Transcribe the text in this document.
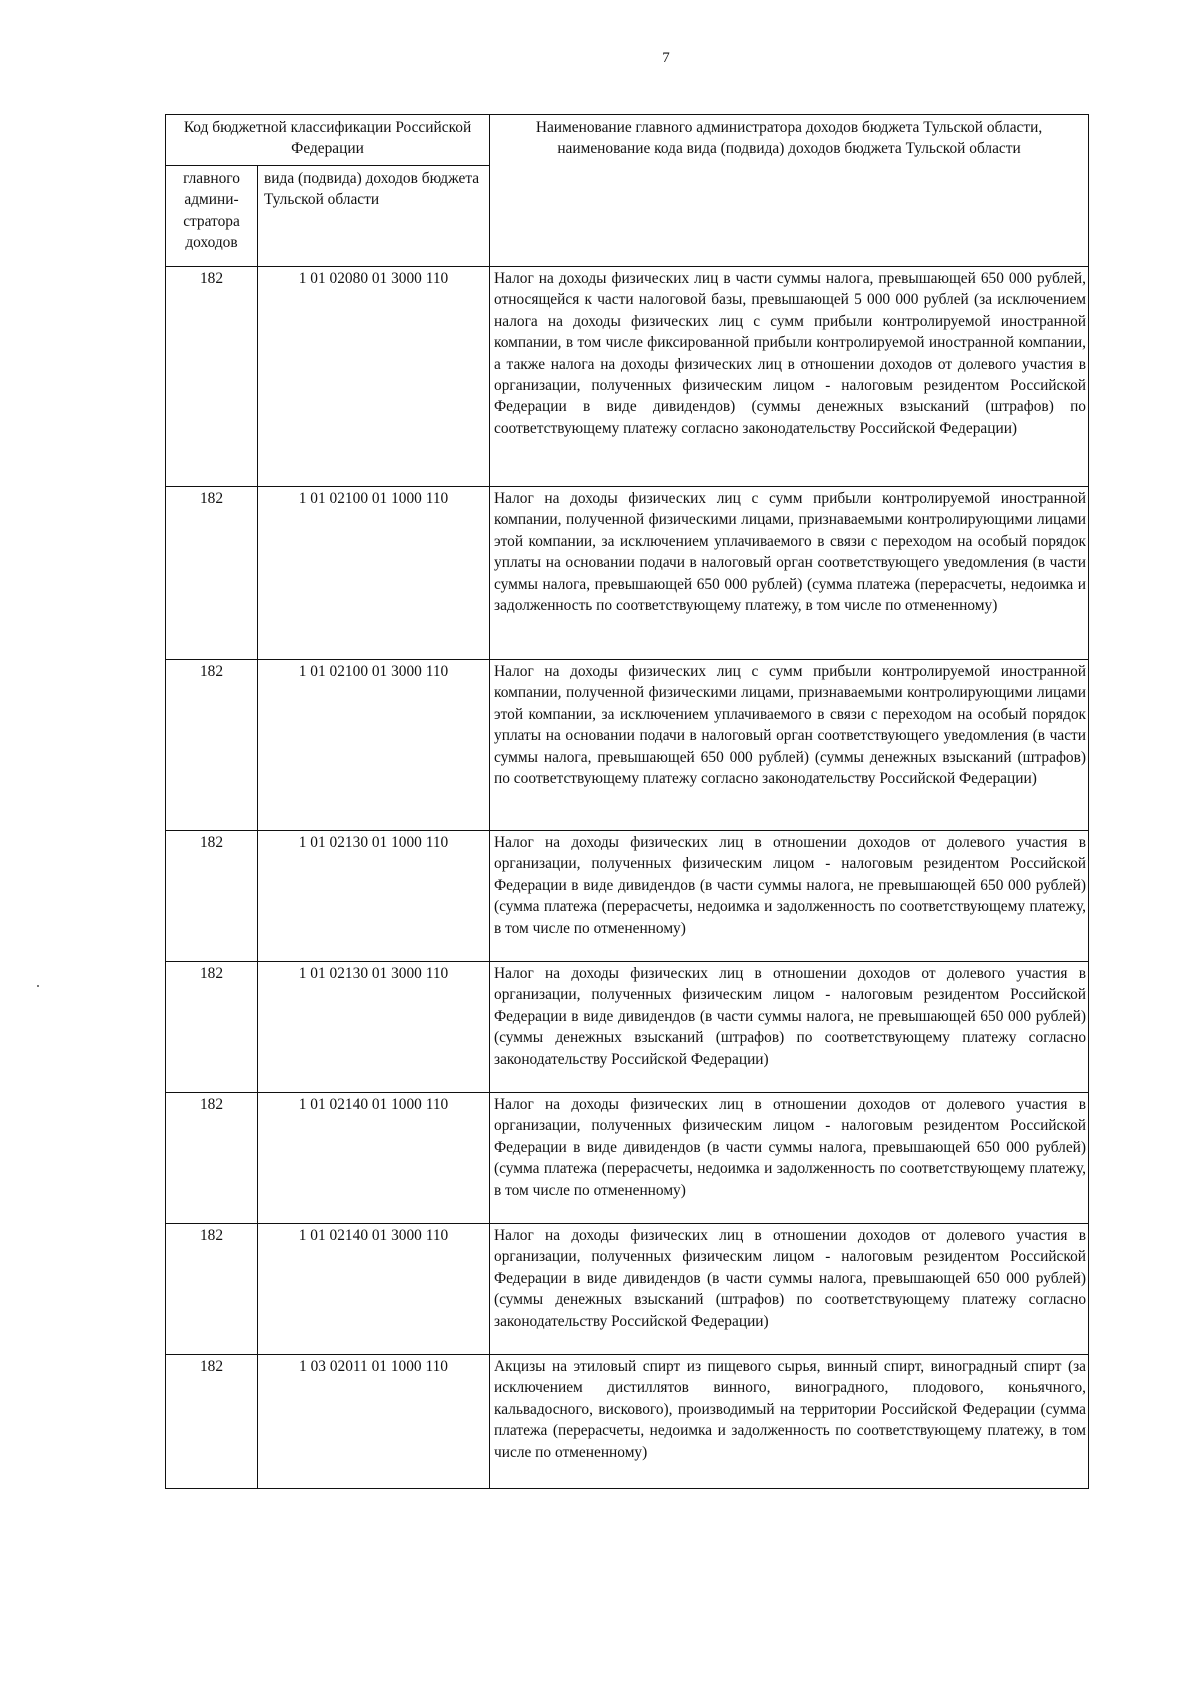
7
Код бюджетной классификации Российской Федерации		Наименование главного администратора доходов бюджета Тульской области, наименование кода вида (подвида) доходов бюджета Тульской области
главного админи-стратора доходов	вида (подвида) доходов бюджета Тульской области	
182	1 01 02080 01 3000 110	Налог на доходы физических лиц в части суммы налога, превышающей 650 000 рублей, относящейся к части налоговой базы, превышающей 5 000 000 рублей (за исключением налога на доходы физических лиц с сумм прибыли контролируемой иностранной компании, в том числе фиксированной прибыли контролируемой иностранной компании, а также налога на доходы физических лиц в отношении доходов от долевого участия в организации, полученных физическим лицом - налоговым резидентом Российской Федерации в виде дивидендов) (суммы денежных взысканий (штрафов) по соответствующему платежу согласно законодательству Российской Федерации)
182	1 01 02100 01 1000 110	Налог на доходы физических лиц с сумм прибыли контролируемой иностранной компании, полученной физическими лицами, признаваемыми контролирующими лицами этой компании, за исключением уплачиваемого в связи с переходом на особый порядок уплаты на основании подачи в налоговый орган соответствующего уведомления (в части суммы налога, превышающей 650 000 рублей) (сумма платежа (перерасчеты, недоимка и задолженность по соответствующему платежу, в том числе по отмененному)
182	1 01 02100 01 3000 110	Налог на доходы физических лиц с сумм прибыли контролируемой иностранной компании, полученной физическими лицами, признаваемыми контролирующими лицами этой компании, за исключением уплачиваемого в связи с переходом на особый порядок уплаты на основании подачи в налоговый орган соответствующего уведомления (в части суммы налога, превышающей 650 000 рублей) (суммы денежных взысканий (штрафов) по соответствующему платежу согласно законодательству Российской Федерации)
182	1 01 02130 01 1000 110	Налог на доходы физических лиц в отношении доходов от долевого участия в организации, полученных физическим лицом - налоговым резидентом Российской Федерации в виде дивидендов (в части суммы налога, не превышающей 650 000 рублей) (сумма платежа (перерасчеты, недоимка и задолженность по соответствующему платежу, в том числе по отмененному)
182	1 01 02130 01 3000 110	Налог на доходы физических лиц в отношении доходов от долевого участия в организации, полученных физическим лицом - налоговым резидентом Российской Федерации в виде дивидендов (в части суммы налога, не превышающей 650 000 рублей) (суммы денежных взысканий (штрафов) по соответствующему платежу согласно законодательству Российской Федерации)
182	1 01 02140 01 1000 110	Налог на доходы физических лиц в отношении доходов от долевого участия в организации, полученных физическим лицом - налоговым резидентом Российской Федерации в виде дивидендов (в части суммы налога, превышающей 650 000 рублей) (сумма платежа (перерасчеты, недоимка и задолженность по соответствующему платежу, в том числе по отмененному)
182	1 01 02140 01 3000 110	Налог на доходы физических лиц в отношении доходов от долевого участия в организации, полученных физическим лицом - налоговым резидентом Российской Федерации в виде дивидендов (в части суммы налога, превышающей 650 000 рублей) (суммы денежных взысканий (штрафов) по соответствующему платежу согласно законодательству Российской Федерации)
182	1 03 02011 01 1000 110	Акцизы на этиловый спирт из пищевого сырья, винный спирт, виноградный спирт (за исключением дистиллятов винного, виноградного, плодового, коньячного, кальвадосного, вискового), производимый на территории Российской Федерации (сумма платежа (перерасчеты, недоимка и задолженность по соответствующему платежу, в том числе по отмененному)
